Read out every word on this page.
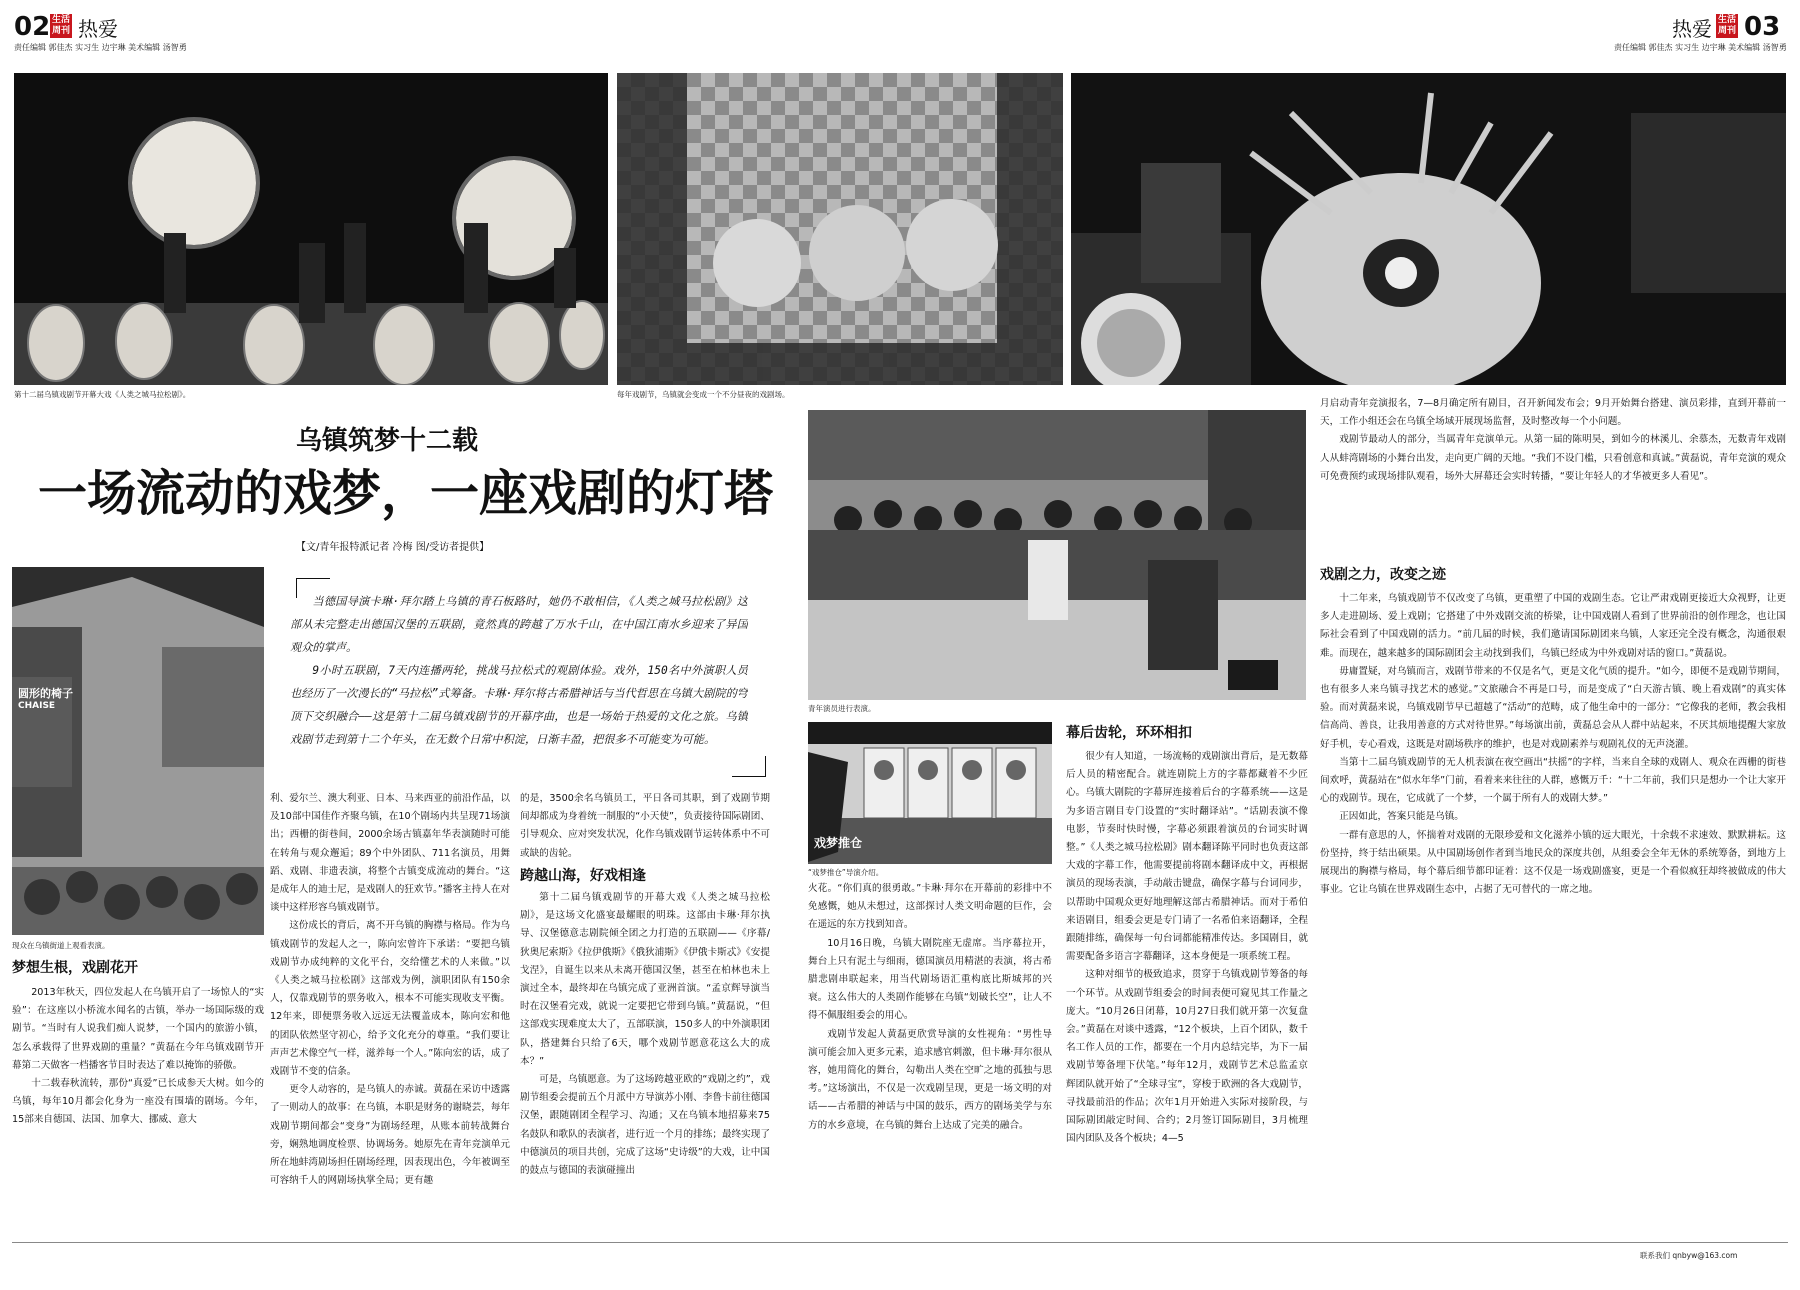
02 生活周刊 热爱
责任编辑 郭佳杰 实习生 边宇琳 美术编辑 汤智勇
热爱 生活周刊 03
责任编辑 郭佳杰 实习生 边宇琳 美术编辑 汤智勇
第十二届乌镇戏剧节开幕大戏《人类之城马拉松剧》。	每年戏剧节，乌镇就会变成一个不分昼夜的戏剧场。
乌镇筑梦十二载
一场流动的戏梦，一座戏剧的灯塔
【文/青年报特派记者 冷梅 图/受访者提供】
圆形的椅子
CHAISE
现众在乌镇街道上观看表演。

当德国导演卡琳·拜尔踏上乌镇的青石板路时，她仍不敢相信，《人类之城马拉松剧》这部从未完整走出德国汉堡的五联剧，竟然真的跨越了万水千山，在中国江南水乡迎来了异国观众的掌声。

9小时五联剧，7天内连播两轮，挑战马拉松式的观剧体验。戏外，150名中外演职人员也经历了一次漫长的“马拉松”式筹备。卡琳·拜尔将古希腊神话与当代哲思在乌镇大剧院的穹顶下交织融合——这是第十二届乌镇戏剧节的开幕序曲，也是一场始于热爱的文化之旅。乌镇戏剧节走到第十二个年头，在无数个日常中积淀，日渐丰盈，把很多不可能变为可能。

梦想生根，戏剧花开

2013年秋天，四位发起人在乌镇开启了一场惊人的“实验”：在这座以小桥流水闻名的古镇，举办一场国际级的戏剧节。“当时有人说我们痴人说梦，一个国内的旅游小镇，怎么承载得了世界戏剧的重量？”黄磊在今年乌镇戏剧节开幕第二天做客一档播客节目时表达了难以掩饰的骄傲。

十二载春秋流转，那份“真爱”已长成参天大树。如今的乌镇，每年10月都会化身为一座没有围墙的剧场。今年，15部来自德国、法国、加拿大、挪威、意大

利、爱尔兰、澳大利亚、日本、马来西亚的前沿作品，以及10部中国佳作齐聚乌镇，在10个剧场内共呈现71场演出；西栅的街巷间，2000余场古镇嘉年华表演随时可能在转角与观众邂逅；89个中外团队、711名演员，用舞蹈、戏剧、非遗表演，将整个古镇变成流动的舞台。“这是成年人的迪士尼，是戏剧人的狂欢节。”播客主持人在对谈中这样形容乌镇戏剧节。

这份成长的背后，离不开乌镇的胸襟与格局。作为乌镇戏剧节的发起人之一，陈向宏曾许下承诺：“要把乌镇戏剧节办成纯粹的文化平台，交给懂艺术的人来做。”以《人类之城马拉松剧》这部戏为例，演职团队有150余人，仅靠戏剧节的票务收入，根本不可能实现收支平衡。12年来，即便票务收入远远无法覆盖成本，陈向宏和他的团队依然坚守初心，给予文化充分的尊重。“我们要让声声艺术像空气一样，滋养每一个人。”陈向宏的话，成了戏剧节不变的信条。

更令人动容的，是乌镇人的赤诚。黄磊在采访中透露了一则动人的故事：在乌镇，本职是财务的谢晓芸，每年戏剧节期间都会“变身”为剧场经理，从账本前转战舞台旁，娴熟地调度检票、协调场务。她原先在青年竞演单元所在地蚌湾剧场担任剧场经理，因表现出色，今年被调至可容纳千人的网剧场执掌全局；更有趣

的是，3500余名乌镇员工，平日各司其职，到了戏剧节期间却都成为身着统一制服的“小天使”，负责接待国际剧团、引导观众、应对突发状况，化作乌镇戏剧节运转体系中不可或缺的齿轮。

跨越山海，好戏相逢

第十二届乌镇戏剧节的开幕大戏《人类之城马拉松剧》，是这场文化盛宴最耀眼的明珠。这部由卡琳·拜尔执导、汉堡德意志剧院倾全团之力打造的五联剧——《序幕/狄奥尼索斯》《拉伊俄斯》《俄狄浦斯》《伊俄卡斯忒》《安提戈涅》，自诞生以来从未离开德国汉堡，甚至在柏林也未上演过全本，最终却在乌镇完成了亚洲首演。“孟京辉导演当时在汉堡看完戏，就说一定要把它带到乌镇。”黄磊说，“但这部戏实现难度太大了，五部联演，150多人的中外演职团队，搭建舞台只给了6天，哪个戏剧节愿意花这么大的成本？”

可是，乌镇愿意。为了这场跨越亚欧的“戏剧之约”，戏剧节组委会提前五个月派中方导演苏小刚、李鲁卡前往德国汉堡，跟随剧团全程学习、沟通；又在乌镇本地招募来75名鼓队和歌队的表演者，进行近一个月的排练；最终实现了中德演员的项目共创，完成了这场“史诗级”的大戏，让中国的鼓点与德国的表演碰撞出

青年演员进行表演。
戏梦推仓
“戏梦推仓”导演介绍。

火花。“你们真的很勇敢。”卡琳·拜尔在开幕前的彩排中不免感慨，她从未想过，这部探讨人类文明命题的巨作，会在遥远的东方找到知音。

10月16日晚，乌镇大剧院座无虚席。当序幕拉开，舞台上只有泥土与细雨，德国演员用精湛的表演，将古希腊悲剧串联起来，用当代剧场语汇重构底比斯城邦的兴衰。这么伟大的人类剧作能够在乌镇“划破长空”，让人不得不佩服组委会的用心。

戏剧节发起人黄磊更欣赏导演的女性视角：“男性导演可能会加入更多元素，追求感官刺激，但卡琳·拜尔很从容，她用简化的舞台，勾勒出人类在空旷之地的孤独与思考。”这场演出，不仅是一次戏剧呈现，更是一场文明的对话——古希腊的神话与中国的鼓乐，西方的剧场美学与东方的水乡意境，在乌镇的舞台上达成了完美的融合。

幕后齿轮，环环相扣

很少有人知道，一场流畅的戏剧演出背后，是无数幕后人员的精密配合。就连剧院上方的字幕都藏着不少匠心。乌镇大剧院的字幕屏连接着后台的字幕系统——这是为多语言剧目专门设置的“实时翻译站”。“话剧表演不像电影，节奏时快时慢，字幕必须跟着演员的台词实时调整。”《人类之城马拉松剧》剧本翻译陈平同时也负责这部大戏的字幕工作，他需要提前将剧本翻译成中文，再根据演员的现场表演，手动敲击键盘，确保字幕与台词同步，以帮助中国观众更好地理解这部古希腊神话。而对于希伯来语剧目，组委会更是专门请了一名希伯来语翻译，全程跟随排练，确保每一句台词都能精准传达。多国剧目，就需要配备多语言字幕翻译，这本身便是一项系统工程。

这种对细节的极致追求，贯穿于乌镇戏剧节筹备的每一个环节。从戏剧节组委会的时间表便可窥见其工作量之庞大。“10月26日闭幕，10月27日我们就开第一次复盘会。”黄磊在对谈中透露，“12个板块，上百个团队，数千名工作人员的工作，都要在一个月内总结完毕，为下一届戏剧节筹备埋下伏笔。”每年12月，戏剧节艺术总监孟京辉团队就开始了“全球寻宝”，穿梭于欧洲的各大戏剧节，寻找最前沿的作品；次年1月开始进入实际对接阶段，与国际剧团敲定时间、合约；2月签订国际剧目，3月梳理国内团队及各个板块；4—5

月启动青年竞演报名，7—8月确定所有剧目，召开新闻发布会；9月开始舞台搭建、演员彩排，直到开幕前一天，工作小组还会在乌镇全场域开展现场监督，及时整改每一个小问题。

戏剧节最动人的部分，当属青年竞演单元。从第一届的陈明昊，到如今的林溪儿、余慕杰，无数青年戏剧人从蚌湾剧场的小舞台出发，走向更广阔的天地。“我们不设门槛，只看创意和真诚。”黄磊说，青年竞演的观众可免费预约或现场排队观看，场外大屏幕还会实时转播，“要让年轻人的才华被更多人看见”。

戏剧之力，改变之迹

十二年来，乌镇戏剧节不仅改变了乌镇，更重塑了中国的戏剧生态。它让严肃戏剧更接近大众视野，让更多人走进剧场、爱上戏剧；它搭建了中外戏剧交流的桥梁，让中国戏剧人看到了世界前沿的创作理念，也让国际社会看到了中国戏剧的活力。“前几届的时候，我们邀请国际剧团来乌镇，人家还完全没有概念，沟通很艰难。而现在，越来越多的国际剧团会主动找到我们，乌镇已经成为中外戏剧对话的窗口。”黄磊说。

毋庸置疑，对乌镇而言，戏剧节带来的不仅是名气，更是文化气质的提升。“如今，即便不是戏剧节期间，也有很多人来乌镇寻找艺术的感觉。”文旅融合不再是口号，而是变成了“白天游古镇、晚上看戏剧”的真实体验。而对黄磊来说，乌镇戏剧节早已超越了“活动”的范畴，成了他生命中的一部分：“它像我的老师，教会我相信高尚、善良，让我用善意的方式对待世界。”每场演出前，黄磊总会从人群中站起来，不厌其烦地提醒大家放好手机，专心看戏，这既是对剧场秩序的维护，也是对戏剧素养与观剧礼仪的无声浇灌。

当第十二届乌镇戏剧节的无人机表演在夜空画出“扶摇”的字样，当来自全球的戏剧人、观众在西栅的街巷间欢呼，黄磊站在“似水年华”门前，看着来来往往的人群，感慨万千：“十二年前，我们只是想办一个让大家开心的戏剧节。现在，它成就了一个梦，一个属于所有人的戏剧大梦。”

正因如此，答案只能是乌镇。

一群有意思的人，怀揣着对戏剧的无限珍爱和文化滋养小镇的远大眼光，十余载不求速效、默默耕耘。这份坚持，终于结出硕果。从中国剧场创作者到当地民众的深度共创，从组委会全年无休的系统筹备，到地方上展现出的胸襟与格局，每个幕后细节都印证着：这不仅是一场戏剧盛宴，更是一个看似疯狂却终被做成的伟大事业。它让乌镇在世界戏剧生态中，占据了无可替代的一席之地。

联系我们 qnbyw@163.com
